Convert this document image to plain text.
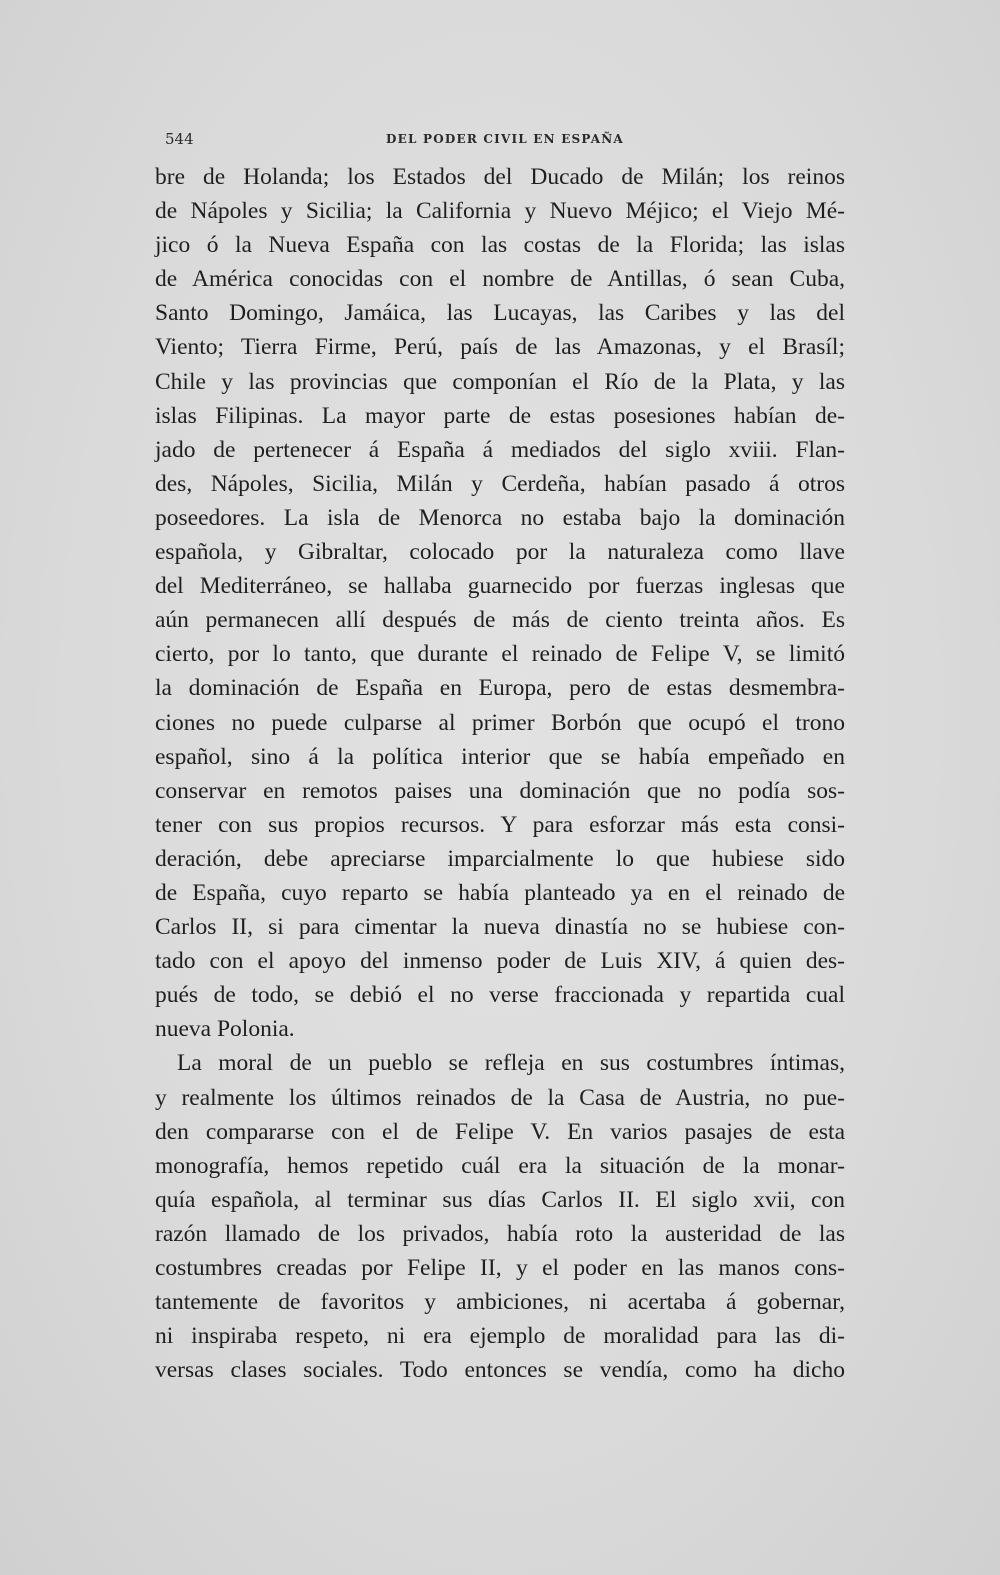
544	DEL PODER CIVIL EN ESPAÑA
bre de Holanda; los Estados del Ducado de Milán; los reinos
de Nápoles y Sicilia; la California y Nuevo Méjico; el Viejo Mé-
jico ó la Nueva España con las costas de la Florida; las islas
de América conocidas con el nombre de Antillas, ó sean Cuba,
Santo Domingo, Jamáica, las Lucayas, las Caribes y las del
Viento; Tierra Firme, Perú, país de las Amazonas, y el Brasíl;
Chile y las provincias que componían el Río de la Plata, y las
islas Filipinas. La mayor parte de estas posesiones habían de-
jado de pertenecer á España á mediados del siglo xviii. Flan-
des, Nápoles, Sicilia, Milán y Cerdeña, habían pasado á otros
poseedores. La isla de Menorca no estaba bajo la dominación
española, y Gibraltar, colocado por la naturaleza como llave
del Mediterráneo, se hallaba guarnecido por fuerzas inglesas que
aún permanecen allí después de más de ciento treinta años. Es
cierto, por lo tanto, que durante el reinado de Felipe V, se limitó
la dominación de España en Europa, pero de estas desmembra-
ciones no puede culparse al primer Borbón que ocupó el trono
español, sino á la política interior que se había empeñado en
conservar en remotos paises una dominación que no podía sos-
tener con sus propios recursos. Y para esforzar más esta consi-
deración, debe apreciarse imparcialmente lo que hubiese sido
de España, cuyo reparto se había planteado ya en el reinado de
Carlos II, si para cimentar la nueva dinastía no se hubiese con-
tado con el apoyo del inmenso poder de Luis XIV, á quien des-
pués de todo, se debió el no verse fraccionada y repartida cual
nueva Polonia.
La moral de un pueblo se refleja en sus costumbres íntimas,
y realmente los últimos reinados de la Casa de Austria, no pue-
den compararse con el de Felipe V. En varios pasajes de esta
monografía, hemos repetido cuál era la situación de la monar-
quía española, al terminar sus días Carlos II. El siglo xvii, con
razón llamado de los privados, había roto la austeridad de las
costumbres creadas por Felipe II, y el poder en las manos cons-
tantemente de favoritos y ambiciones, ni acertaba á gobernar,
ni inspiraba respeto, ni era ejemplo de moralidad para las di-
versas clases sociales. Todo entonces se vendía, como ha dicho
